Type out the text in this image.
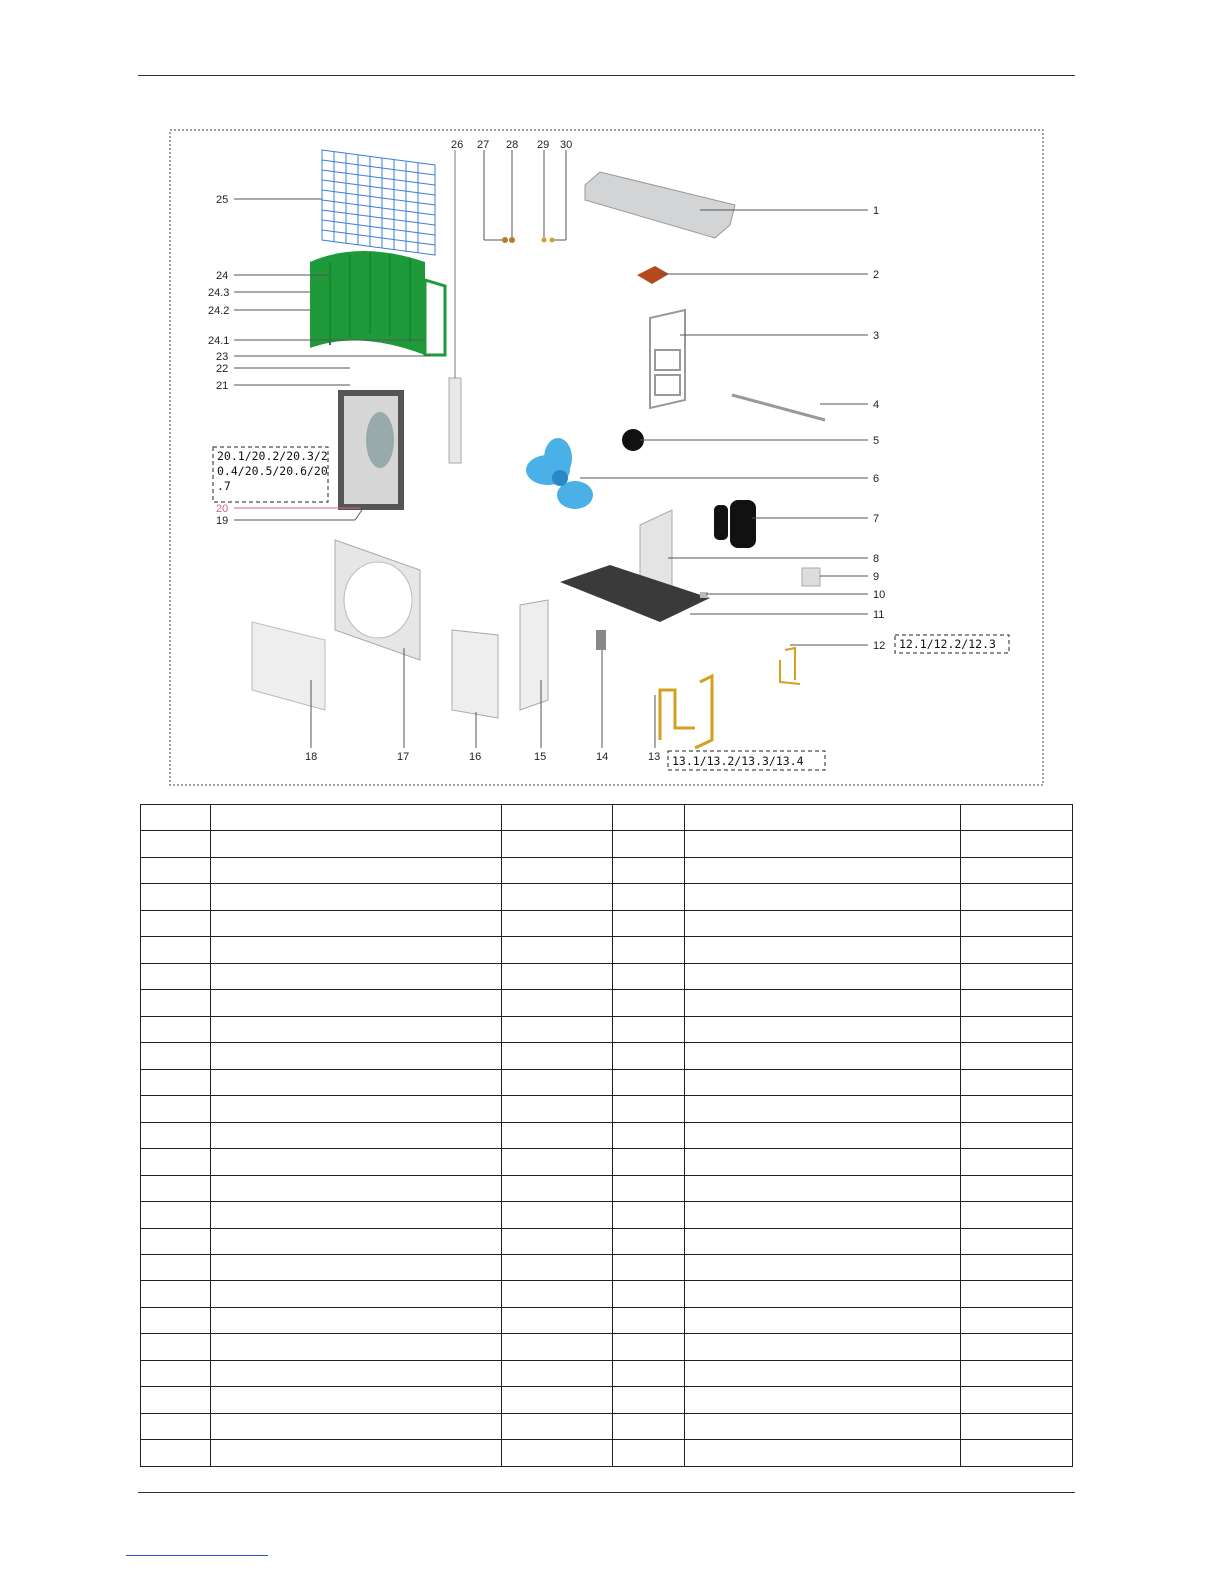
1
2
3
4
5
6
7
8
9
10
11
12
25
24
24.3
24.2
24.1
23
22
21
20
19
26 27 28 29 30
18	17	16	15	14	13
20.1/20.2/20.3/2
0.4/20.5/20.6/20
.7
12.1/12.2/12.3
13.1/13.2/13.3/13.4
